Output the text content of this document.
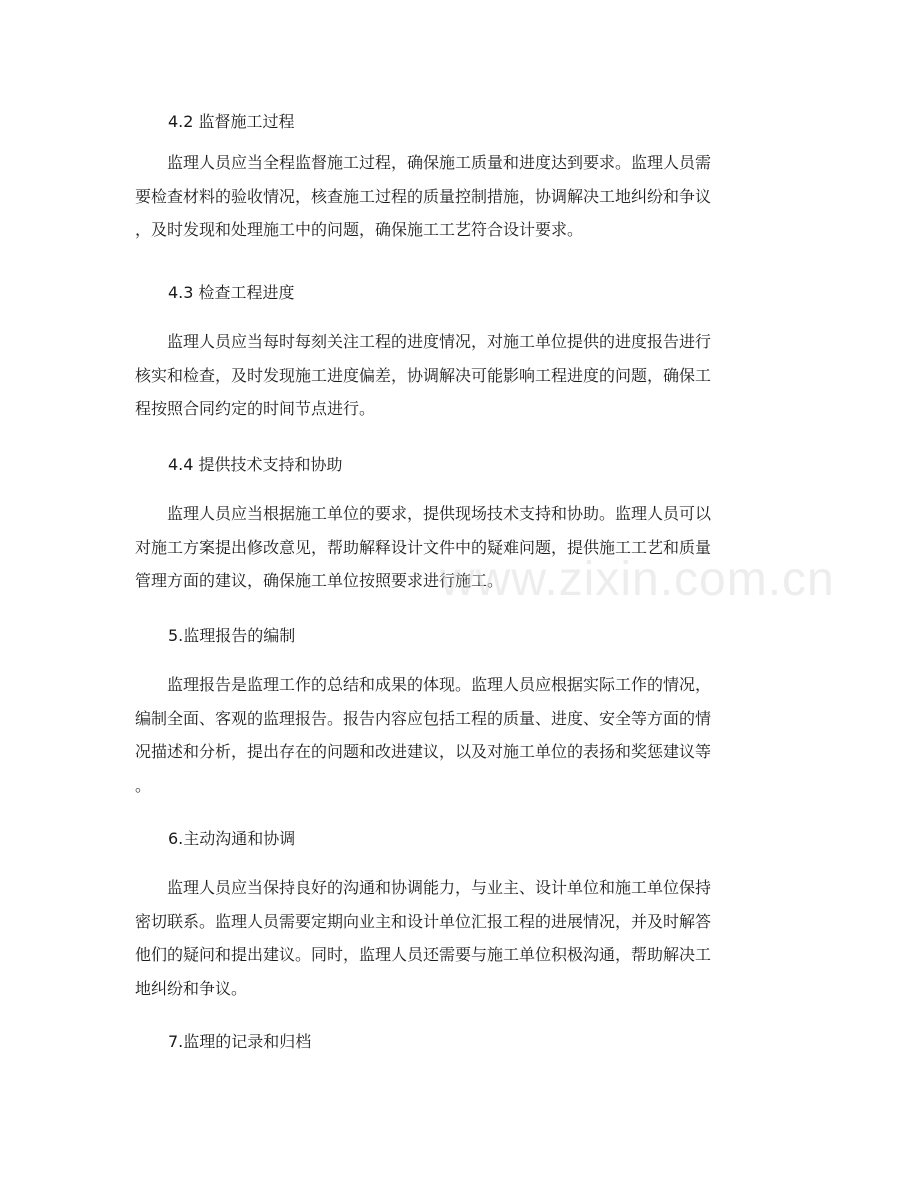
4.2 监督施工过程
　　监理人员应当全程监督施工过程，确保施工质量和进度达到要求。监理人员需
要检查材料的验收情况，核查施工过程的质量控制措施，协调解决工地纠纷和争议
，及时发现和处理施工中的问题，确保施工工艺符合设计要求。
4.3 检查工程进度
　　监理人员应当每时每刻关注工程的进度情况，对施工单位提供的进度报告进行
核实和检查，及时发现施工进度偏差，协调解决可能影响工程进度的问题，确保工
程按照合同约定的时间节点进行。
4.4 提供技术支持和协助
　　监理人员应当根据施工单位的要求，提供现场技术支持和协助。监理人员可以
对施工方案提出修改意见，帮助解释设计文件中的疑难问题，提供施工工艺和质量
管理方面的建议，确保施工单位按照要求进行施工。
5.监理报告的编制
　　监理报告是监理工作的总结和成果的体现。监理人员应根据实际工作的情况，
编制全面、客观的监理报告。报告内容应包括工程的质量、进度、安全等方面的情
况描述和分析，提出存在的问题和改进建议，以及对施工单位的表扬和奖惩建议等
。
6.主动沟通和协调
　　监理人员应当保持良好的沟通和协调能力，与业主、设计单位和施工单位保持
密切联系。监理人员需要定期向业主和设计单位汇报工程的进展情况，并及时解答
他们的疑问和提出建议。同时，监理人员还需要与施工单位积极沟通，帮助解决工
地纠纷和争议。
7.监理的记录和归档
www.zixin.com.cn
